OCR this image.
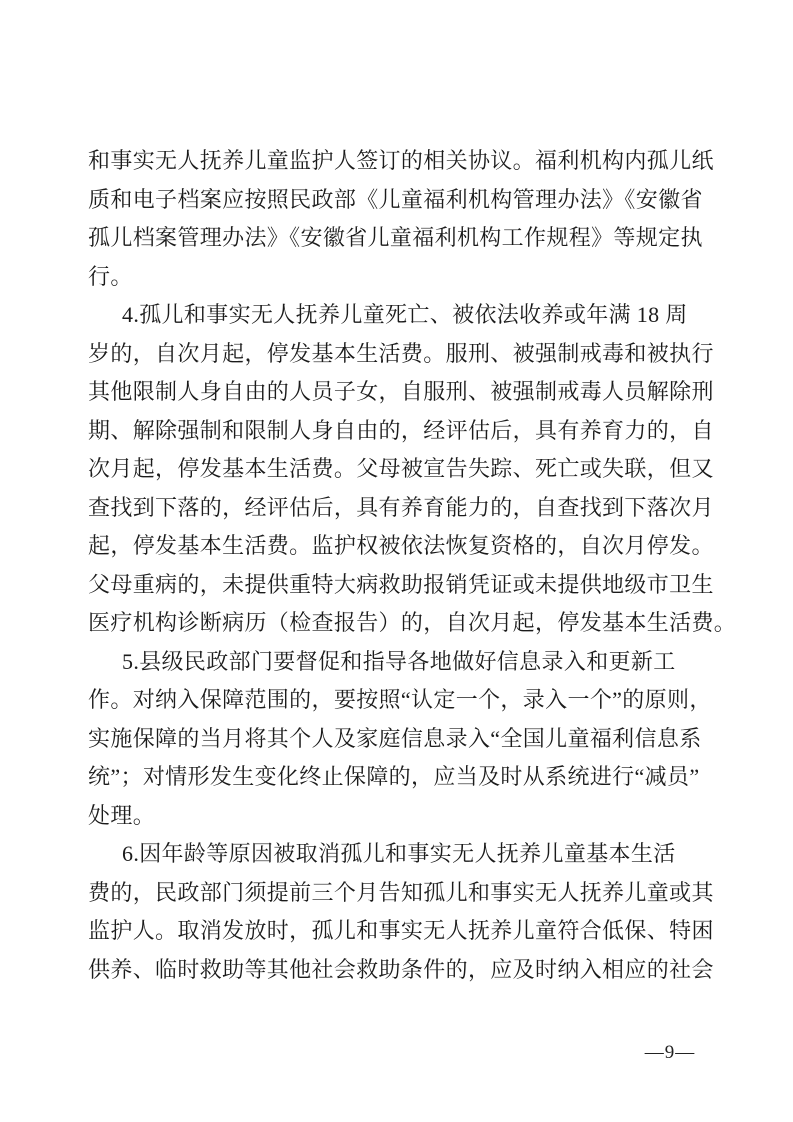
和事实无人抚养儿童监护人签订的相关协议。福利机构内孤儿纸
质和电子档案应按照民政部《儿童福利机构管理办法》《安徽省
孤儿档案管理办法》《安徽省儿童福利机构工作规程》等规定执
行。
4.孤儿和事实无人抚养儿童死亡、被依法收养或年满 18 周
岁的，自次月起，停发基本生活费。服刑、被强制戒毒和被执行
其他限制人身自由的人员子女，自服刑、被强制戒毒人员解除刑
期、解除强制和限制人身自由的，经评估后，具有养育力的，自
次月起，停发基本生活费。父母被宣告失踪、死亡或失联，但又
查找到下落的，经评估后，具有养育能力的，自查找到下落次月
起，停发基本生活费。监护权被依法恢复资格的，自次月停发。
父母重病的，未提供重特大病救助报销凭证或未提供地级市卫生
医疗机构诊断病历（检查报告）的，自次月起，停发基本生活费。
5.县级民政部门要督促和指导各地做好信息录入和更新工
作。对纳入保障范围的，要按照“认定一个，录入一个”的原则，
实施保障的当月将其个人及家庭信息录入“全国儿童福利信息系
统”；对情形发生变化终止保障的，应当及时从系统进行“减员”
处理。
6.因年龄等原因被取消孤儿和事实无人抚养儿童基本生活
费的，民政部门须提前三个月告知孤儿和事实无人抚养儿童或其
监护人。取消发放时，孤儿和事实无人抚养儿童符合低保、特困
供养、临时救助等其他社会救助条件的，应及时纳入相应的社会
—9—
